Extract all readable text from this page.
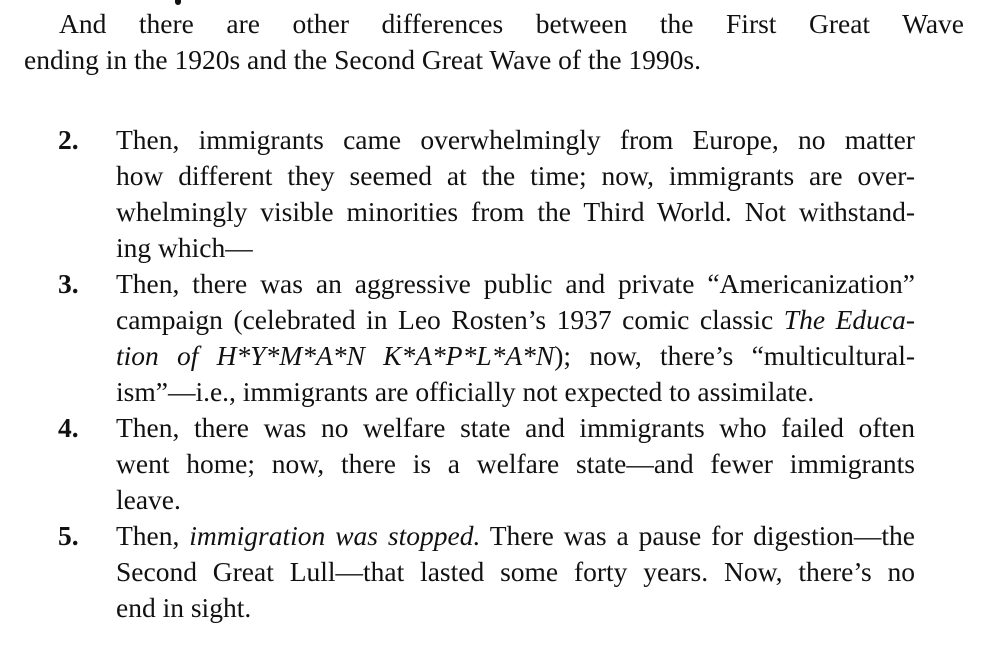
And there are other differences between the First Great Wave
ending in the 1920s and the Second Great Wave of the 1990s.

2. Then, immigrants came overwhelmingly from Europe, no matter
how different they seemed at the time; now, immigrants are over-
whelmingly visible minorities from the Third World. Not withstand-
ing which—
3. Then, there was an aggressive public and private “Americanization”
campaign (celebrated in Leo Rosten’s 1937 comic classic The Educa-
tion of H*Y*M*A*N K*A*P*L*A*N); now, there’s “multicultural-
ism”—i.e., immigrants are officially not expected to assimilate.
4. Then, there was no welfare state and immigrants who failed often
went home; now, there is a welfare state—and fewer immigrants
leave.
5. Then, immigration was stopped. There was a pause for digestion—the
Second Great Lull—that lasted some forty years. Now, there’s no
end in sight.
